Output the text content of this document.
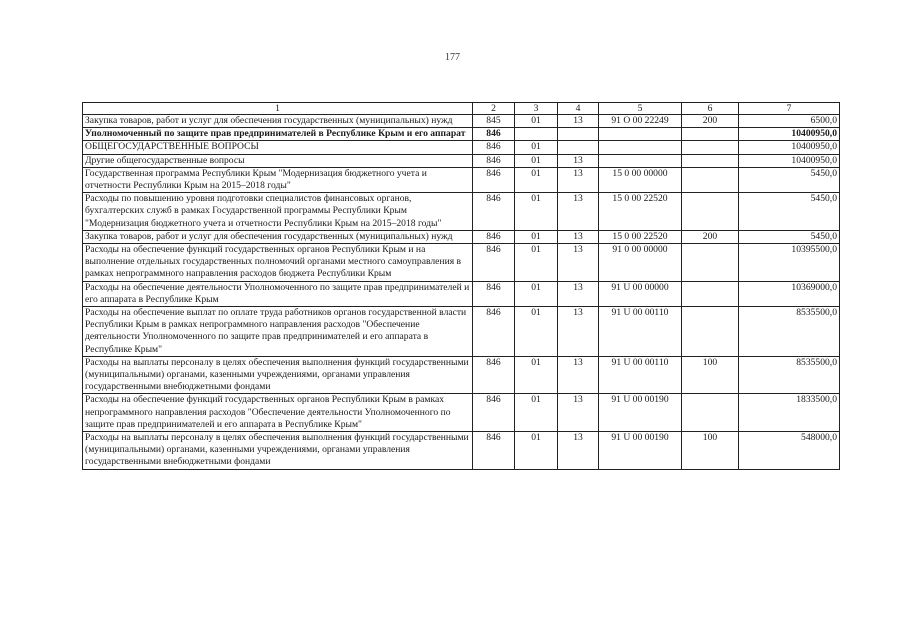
177
1	2	3	4	5	6	7
Закупка товаров, работ и услуг для обеспечения государственных (муниципальных) нужд	845	01	13	91 О 00 22249	200	6500,0
Уполномоченный по защите прав предпринимателей в Республике Крым и его аппарат	846					10400950,0
ОБЩЕГОСУДАРСТВЕННЫЕ ВОПРОСЫ	846	01				10400950,0
Другие общегосударственные вопросы	846	01	13			10400950,0
Государственная программа Республики Крым "Модернизация бюджетного учета и отчетности Республики Крым на 2015–2018 годы"	846	01	13	15 0 00 00000		5450,0
Расходы по повышению уровня подготовки специалистов финансовых органов, бухгалтерских служб в рамках Государственной программы Республики Крым "Модернизация бюджетного учета и отчетности Республики Крым на 2015–2018 годы"	846	01	13	15 0 00 22520		5450,0
Закупка товаров, работ и услуг для обеспечения государственных (муниципальных) нужд	846	01	13	15 0 00 22520	200	5450,0
Расходы на обеспечение функций государственных органов Республики Крым и на выполнение отдельных государственных полномочий органами местного самоуправления в рамках непрограммного направления расходов бюджета Республики Крым	846	01	13	91 0 00 00000		10395500,0
Расходы на обеспечение деятельности Уполномоченного по защите прав предпринимателей и его аппарата в Республике Крым	846	01	13	91 U 00 00000		10369000,0
Расходы на обеспечение выплат по оплате труда работников органов государственной власти Республики Крым в рамках непрограммного направления расходов "Обеспечение деятельности Уполномоченного по защите прав предпринимателей и его аппарата в Республике Крым"	846	01	13	91 U 00 00110		8535500,0
Расходы на выплаты персоналу в целях обеспечения выполнения функций государственными (муниципальными) органами, казенными учреждениями, органами управления государственными внебюджетными фондами	846	01	13	91 U 00 00110	100	8535500,0
Расходы на обеспечение функций государственных органов Республики Крым в рамках непрограммного направления расходов "Обеспечение деятельности Уполномоченного по защите прав предпринимателей и его аппарата в Республике Крым"	846	01	13	91 U 00 00190		1833500,0
Расходы на выплаты персоналу в целях обеспечения выполнения функций государственными (муниципальными) органами, казенными учреждениями, органами управления государственными внебюджетными фондами	846	01	13	91 U 00 00190	100	548000,0
